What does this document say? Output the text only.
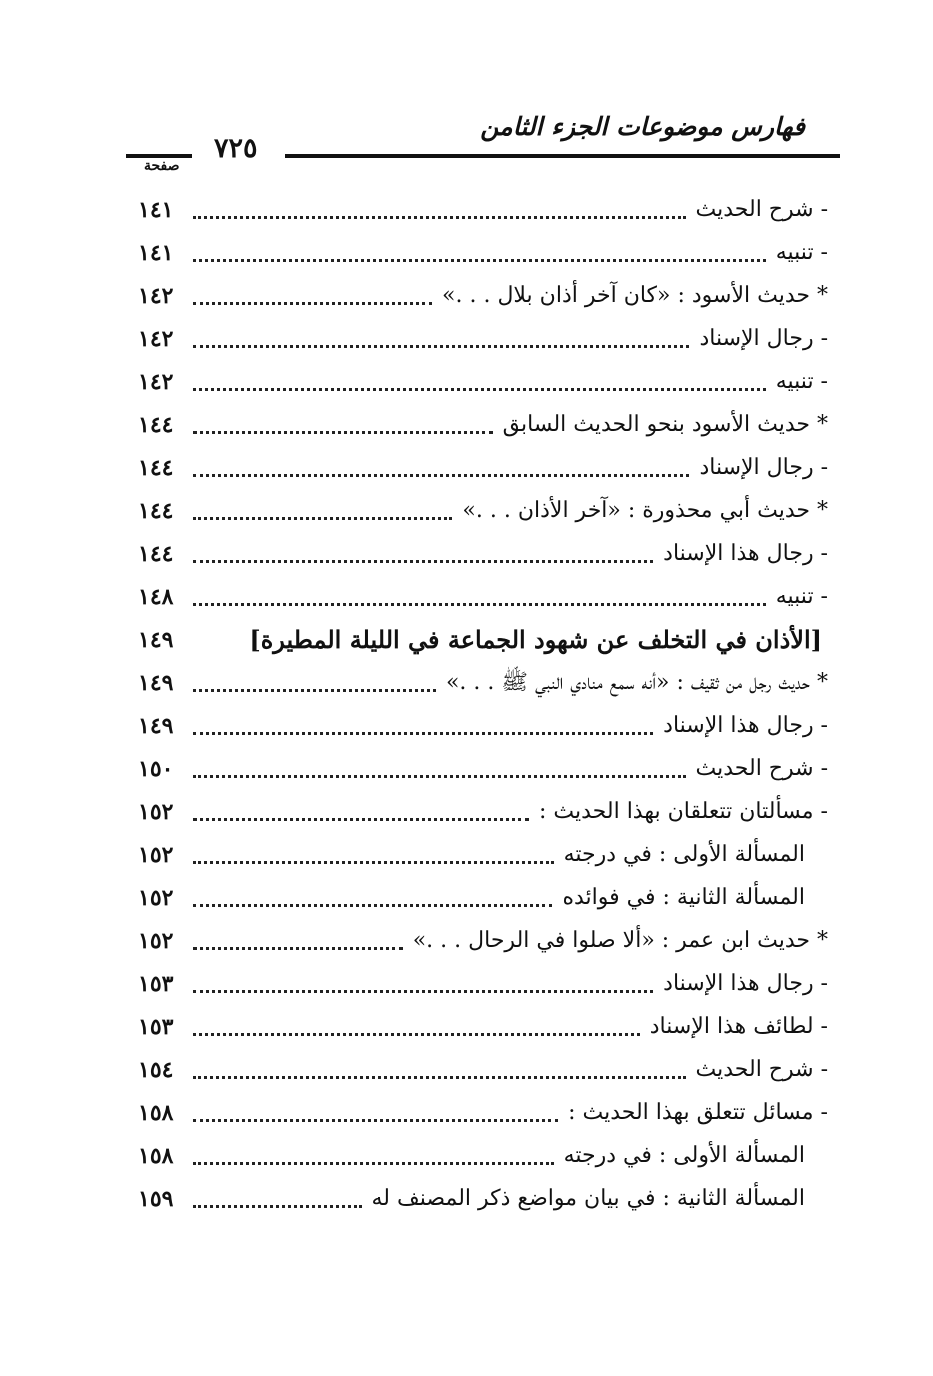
فهارس موضوعات الجزء الثامن
٧٢٥
صفحة
- شرح الحديث
١٤١
- تنبيه
١٤١
* حديث الأسود : «كان آخر أذان بلال . . .»
١٤٢
- رجال الإسناد
١٤٢
- تنبيه
١٤٢
* حديث الأسود بنحو الحديث السابق
١٤٤
- رجال الإسناد
١٤٤
* حديث أبي محذورة : «آخر الأذان . . .»
١٤٤
- رجال هذا الإسناد
١٤٤
- تنبيه
١٤٨
[الأذان في التخلف عن شهود الجماعة في الليلة المطيرة]
١٤٩
* حديث رجل من ثقيف : «أنه سمع منادي النبي ﷺ . . .»
١٤٩
- رجال هذا الإسناد
١٤٩
- شرح الحديث
١٥٠
- مسألتان تتعلقان بهذا الحديث :
١٥٢
المسألة الأولى : في درجته
١٥٢
المسألة الثانية : في فوائده
١٥٢
* حديث ابن عمر : «ألا صلوا في الرحال . . .»
١٥٢
- رجال هذا الإسناد
١٥٣
- لطائف هذا الإسناد
١٥٣
- شرح الحديث
١٥٤
- مسائل تتعلق بهذا الحديث :
١٥٨
المسألة الأولى : في درجته
١٥٨
المسألة الثانية : في بيان مواضع ذكر المصنف له
١٥٩
